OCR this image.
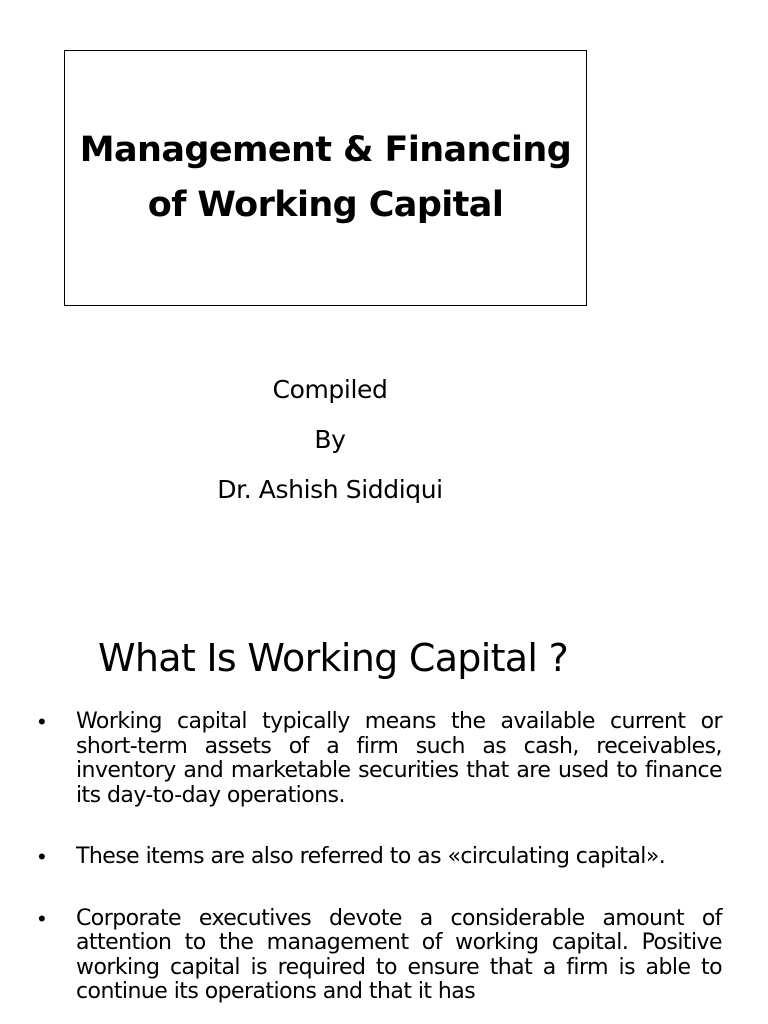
Management & Financing
of Working Capital
Compiled
By
Dr. Ashish Siddiqui
What Is Working Capital ?
• Working capital typically means the available current or short-term assets of a firm such as cash, receivables, inventory and marketable securities that are used to finance its day-to-day operations.
• These items are also referred to as «circulating capital».
• Corporate executives devote a considerable amount of attention to the management of working capital. Positive working capital is required to ensure that a firm is able to continue its operations and that it has
